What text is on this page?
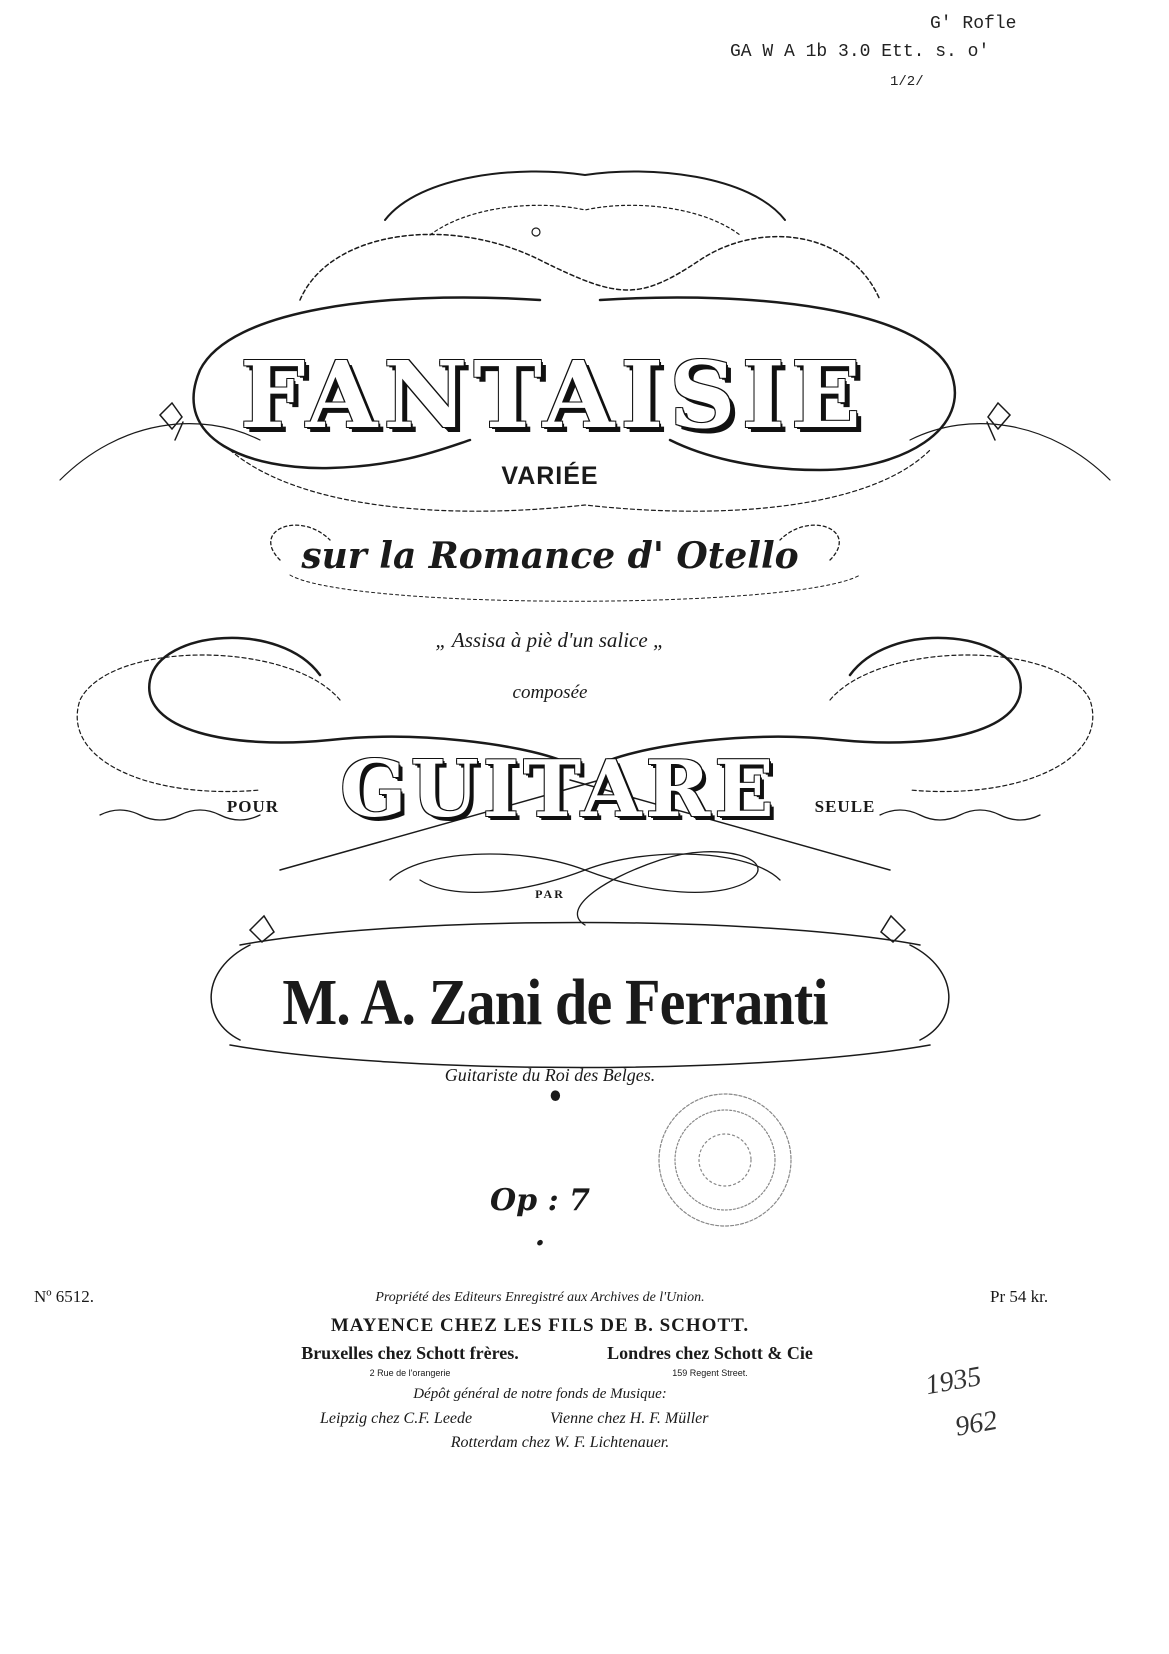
G' Rofle
GA W A 1b 3.0 Ett. s. o'
1/2/
FANTAISIE
VARIÉE
sur la Romance d' Otello
„ Assisa à piè d'un salice „
composée
POUR GUITARE	SEULE
PAR
M. A. Zani de Ferranti .
Guitariste du Roi des Belges.
Op : 7 .
Nº 6512.	Pr 54 kr.
Propriété des Editeurs Enregistré aux Archives de l'Union.
MAYENCE CHEZ LES FILS DE B. SCHOTT.
Bruxelles chez Schott frères.	Londres chez Schott & Cie
2 Rue de l'orangerie	159 Regent Street.
Dépôt général de notre fonds de Musique:
Leipzig chez C.F. Leede	Vienne chez H. F. Müller
Rotterdam chez W. F. Lichtenauer.
1935
962
